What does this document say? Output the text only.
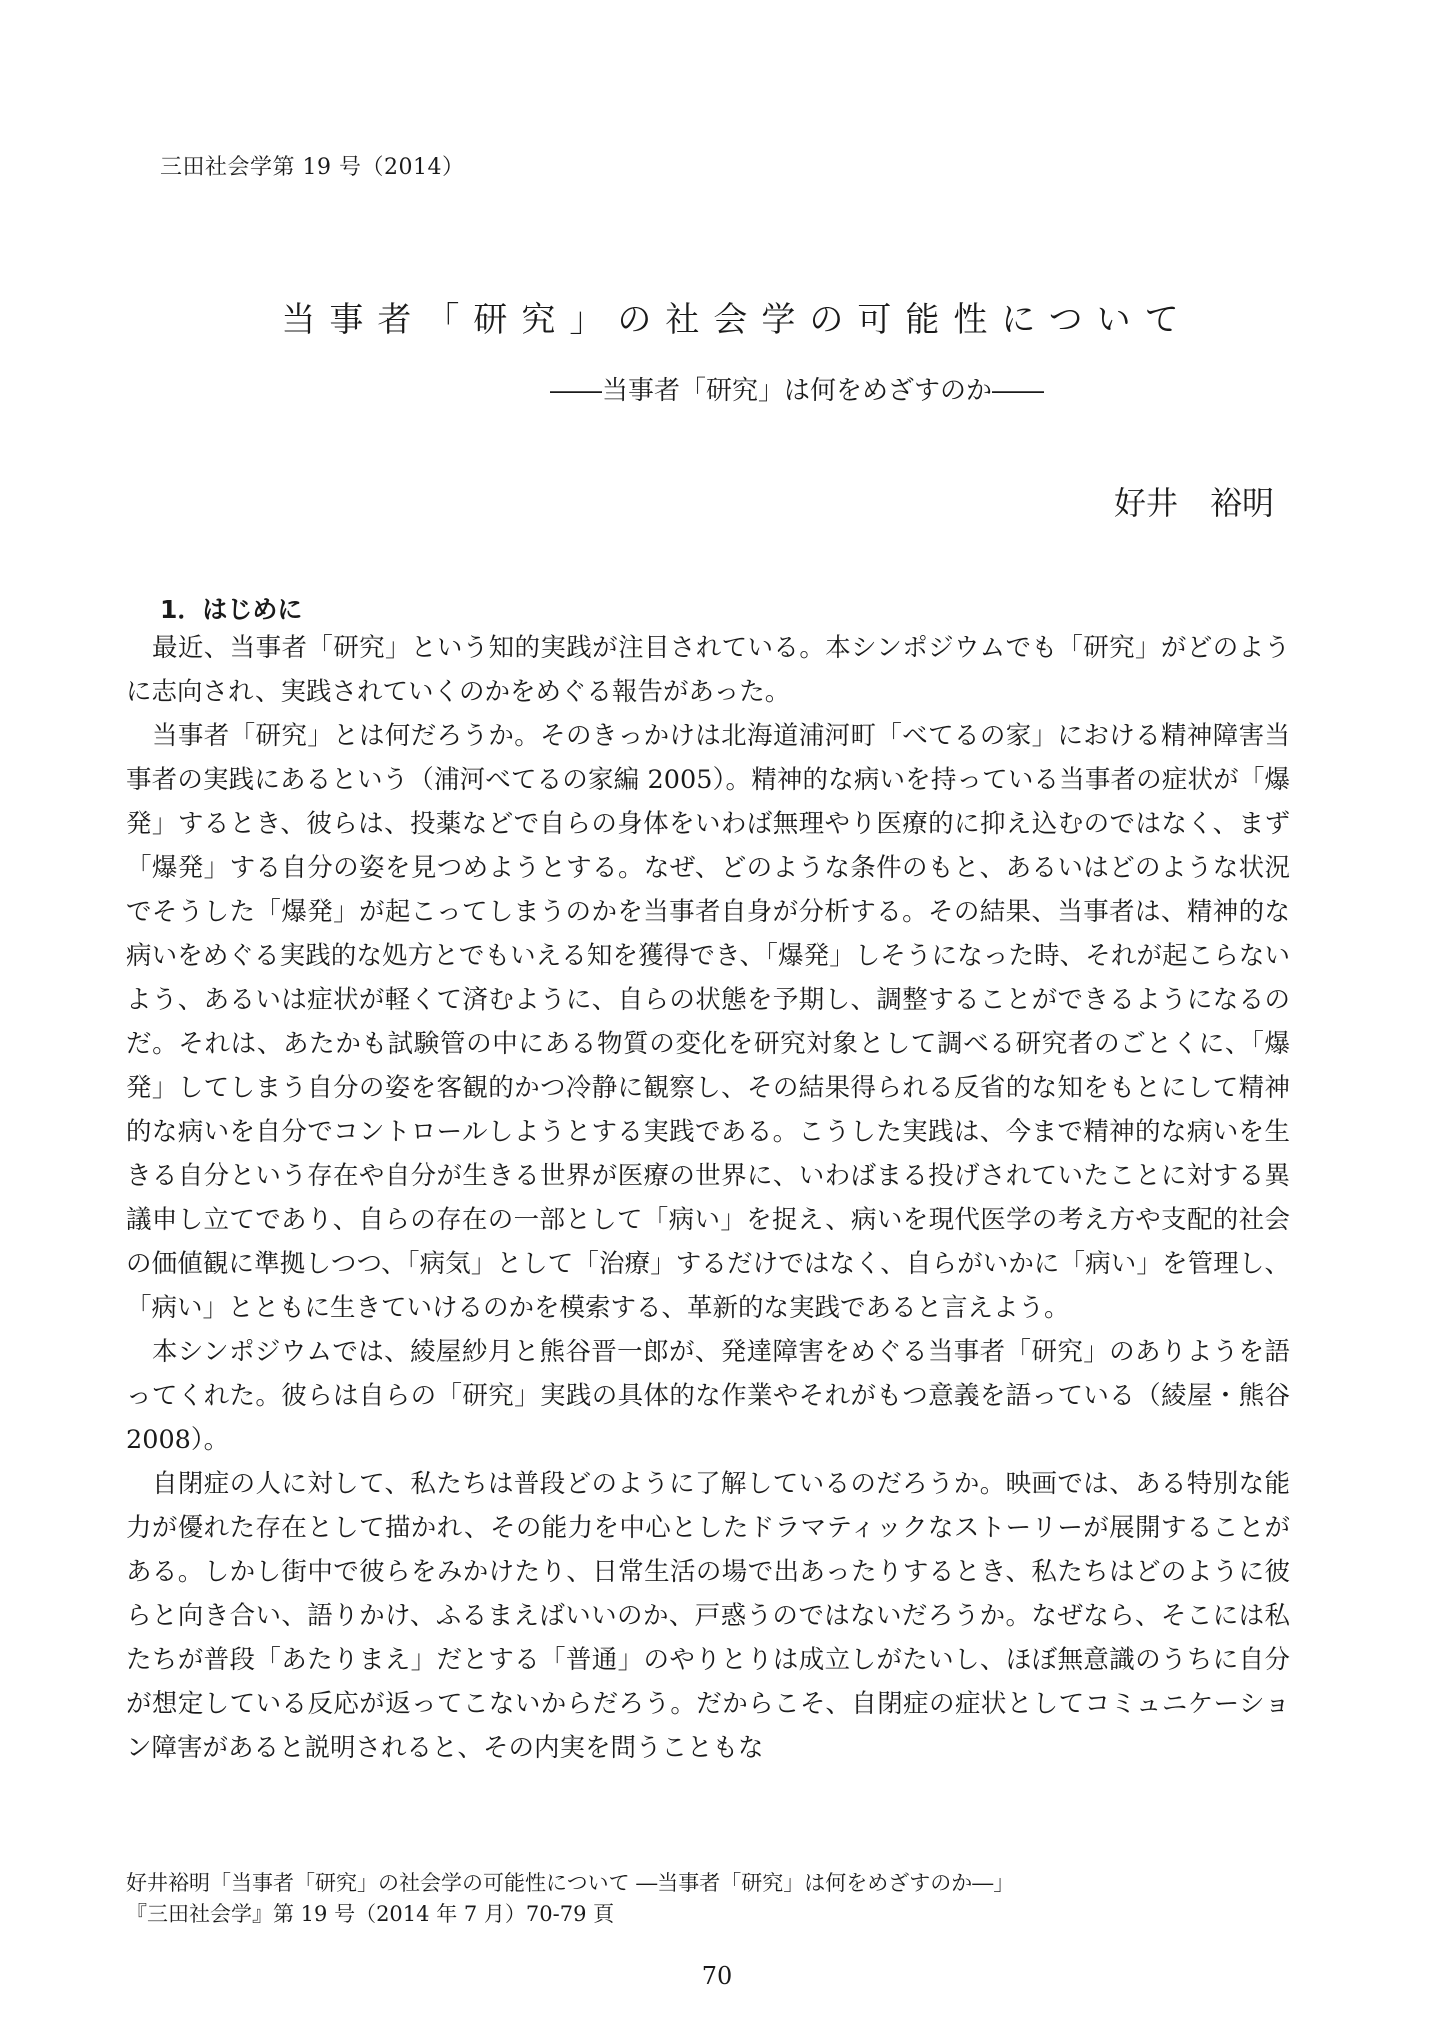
三田社会学第 19 号（2014）
当事者「研究」の社会学の可能性について
――当事者「研究」は何をめざすのか――
好井　裕明
1．はじめに

最近、当事者「研究」という知的実践が注目されている。本シンポジウムでも「研究」がどのように志向され、実践されていくのかをめぐる報告があった。

当事者「研究」とは何だろうか。そのきっかけは北海道浦河町「べてるの家」における精神障害当事者の実践にあるという（浦河べてるの家編 2005）。精神的な病いを持っている当事者の症状が「爆発」するとき、彼らは、投薬などで自らの身体をいわば無理やり医療的に抑え込むのではなく、まず「爆発」する自分の姿を見つめようとする。なぜ、どのような条件のもと、あるいはどのような状況でそうした「爆発」が起こってしまうのかを当事者自身が分析する。その結果、当事者は、精神的な病いをめぐる実践的な処方とでもいえる知を獲得でき、「爆発」しそうになった時、それが起こらないよう、あるいは症状が軽くて済むように、自らの状態を予期し、調整することができるようになるのだ。それは、あたかも試験管の中にある物質の変化を研究対象として調べる研究者のごとくに、「爆発」してしまう自分の姿を客観的かつ冷静に観察し、その結果得られる反省的な知をもとにして精神的な病いを自分でコントロールしようとする実践である。こうした実践は、今まで精神的な病いを生きる自分という存在や自分が生きる世界が医療の世界に、いわばまる投げされていたことに対する異議申し立てであり、自らの存在の一部として「病い」を捉え、病いを現代医学の考え方や支配的社会の価値観に準拠しつつ、「病気」として「治療」するだけではなく、自らがいかに「病い」を管理し、「病い」とともに生きていけるのかを模索する、革新的な実践であると言えよう。

本シンポジウムでは、綾屋紗月と熊谷晋一郎が、発達障害をめぐる当事者「研究」のありようを語ってくれた。彼らは自らの「研究」実践の具体的な作業やそれがもつ意義を語っている（綾屋・熊谷 2008）。

自閉症の人に対して、私たちは普段どのように了解しているのだろうか。映画では、ある特別な能力が優れた存在として描かれ、その能力を中心としたドラマティックなストーリーが展開することがある。しかし街中で彼らをみかけたり、日常生活の場で出あったりするとき、私たちはどのように彼らと向き合い、語りかけ、ふるまえばいいのか、戸惑うのではないだろうか。なぜなら、そこには私たちが普段「あたりまえ」だとする「普通」のやりとりは成立しがたいし、ほぼ無意識のうちに自分が想定している反応が返ってこないからだろう。だからこそ、自閉症の症状としてコミュニケーション障害があると説明されると、その内実を問うこともな

好井裕明「当事者「研究」の社会学の可能性について ―当事者「研究」は何をめざすのか―」
『三田社会学』第 19 号（2014 年 7 月）70-79 頁
70
